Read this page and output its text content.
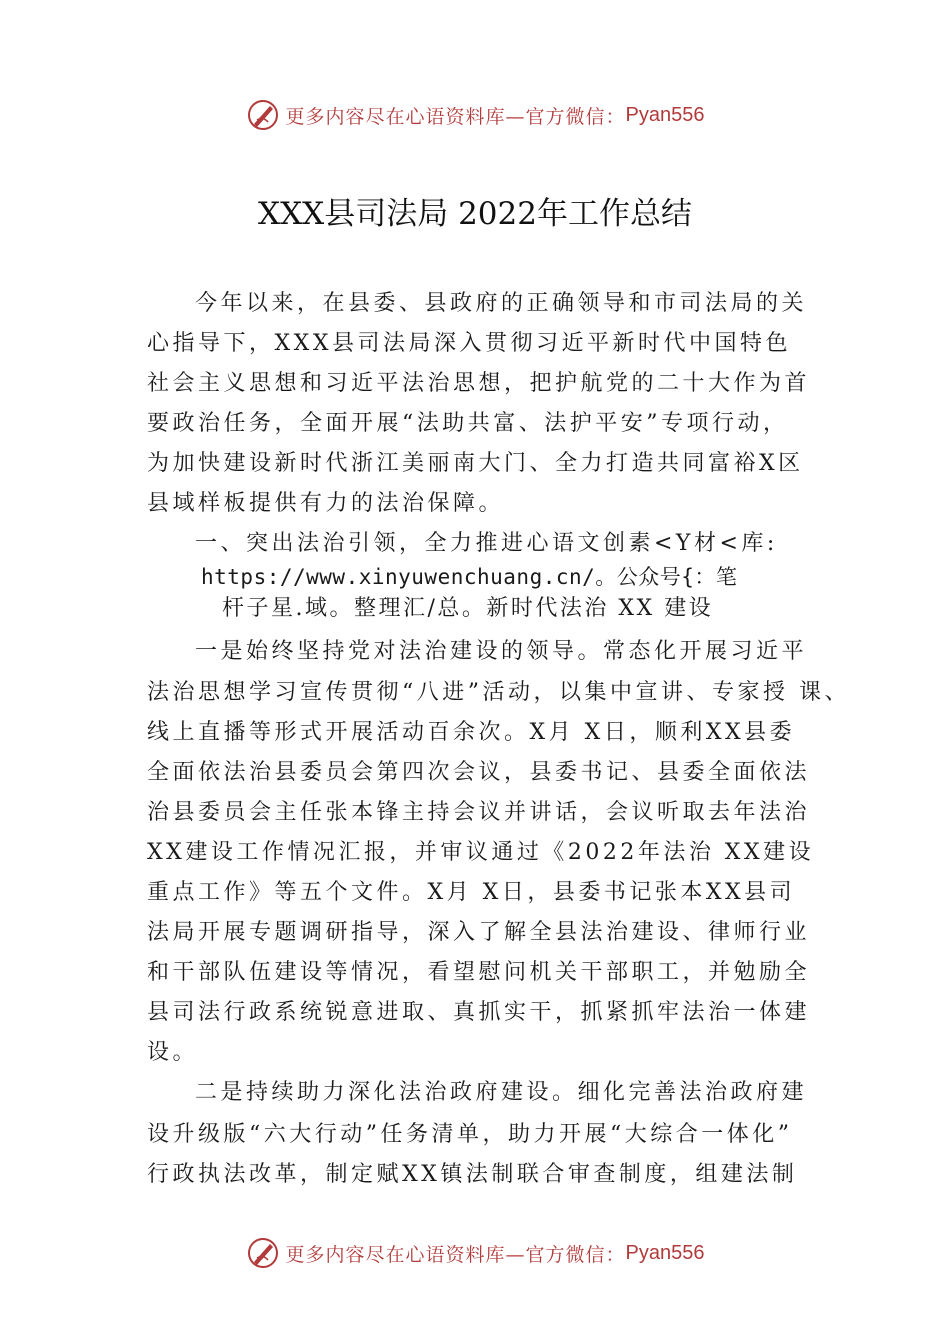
更多内容尽在心语资料库—官方微信： Pyan556
XXX县司法局 2022年工作总结
今年以来，在县委、县政府的正确领导和市司法局的关
心指导下，XXX县司法局深入贯彻习近平新时代中国特色
社会主义思想和习近平法治思想，把护航党的二十大作为首
要政治任务，全面开展“法助共富、法护平安”专项行动，
为加快建设新时代浙江美丽南大门、全力打造共同富裕X区
县域样板提供有力的法治保障。
一、突出法治引领，全力推进心语文创素<Y材<库:
https://www.xinyuwenchuang.cn/。公众号{：笔
杆子星.域。整理汇/总。新时代法治 XX 建设
一是始终坚持党对法治建设的领导。常态化开展习近平
法治思想学习宣传贯彻“八进”活动，以集中宣讲、专家授 课、
线上直播等形式开展活动百余次。X月 X日，顺利XX县委
全面依法治县委员会第四次会议，县委书记、县委全面依法
治县委员会主任张本锋主持会议并讲话，会议听取去年法治
XX建设工作情况汇报，并审议通过《2022年法治 XX建设
重点工作》等五个文件。X月 X日，县委书记张本XX县司
法局开展专题调研指导，深入了解全县法治建设、律师行业
和干部队伍建设等情况，看望慰问机关干部职工，并勉励全
县司法行政系统锐意进取、真抓实干，抓紧抓牢法治一体建
设。
二是持续助力深化法治政府建设。细化完善法治政府建
设升级版“六大行动”任务清单，助力开展“大综合一体化”
行政执法改革，制定赋XX镇法制联合审查制度，组建法制
更多内容尽在心语资料库—官方微信： Pyan556
